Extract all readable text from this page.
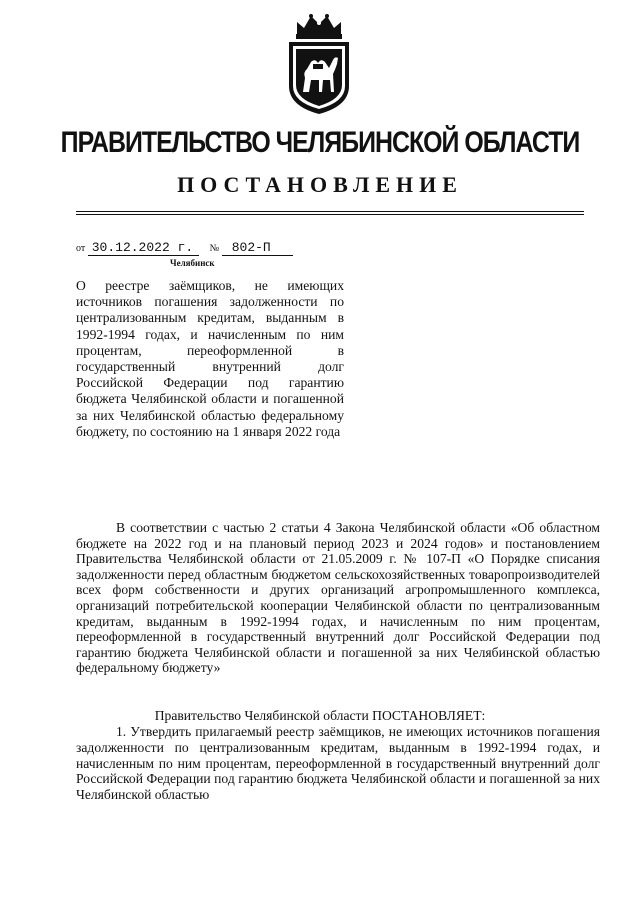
ПРАВИТЕЛЬСТВО ЧЕЛЯБИНСКОЙ ОБЛАСТИ
ПОСТАНОВЛЕНИЕ
от 30.12.2022 г. № 802-П
Челябинск
О реестре заёмщиков, не имеющих источников погашения задолженности по централизованным кредитам, выданным в 1992-1994 годах, и начисленным по ним процентам, переоформленной в государственный внутренний долг Российской Федерации под гарантию бюджета Челябинской области и погашенной за них Челябинской областью федеральному бюджету, по состоянию на 1 января 2022 года
В соответствии с частью 2 статьи 4 Закона Челябинской области «Об областном бюджете на 2022 год и на плановый период 2023 и 2024 годов» и постановлением Правительства Челябинской области от 21.05.2009 г. № 107-П «О Порядке списания задолженности перед областным бюджетом сельскохозяйственных товаропроизводителей всех форм собственности и других организаций агропромышленного комплекса, организаций потребительской кооперации Челябинской области по централизованным кредитам, выданным в 1992-1994 годах, и начисленным по ним процентам, переоформленной в государственный внутренний долг Российской Федерации под гарантию бюджета Челябинской области и погашенной за них Челябинской областью федеральному бюджету»
Правительство Челябинской области ПОСТАНОВЛЯЕТ:
1. Утвердить прилагаемый реестр заёмщиков, не имеющих источников погашения задолженности по централизованным кредитам, выданным в 1992-1994 годах, и начисленным по ним процентам, переоформленной в государственный внутренний долг Российской Федерации под гарантию бюджета Челябинской области и погашенной за них Челябинской областью
